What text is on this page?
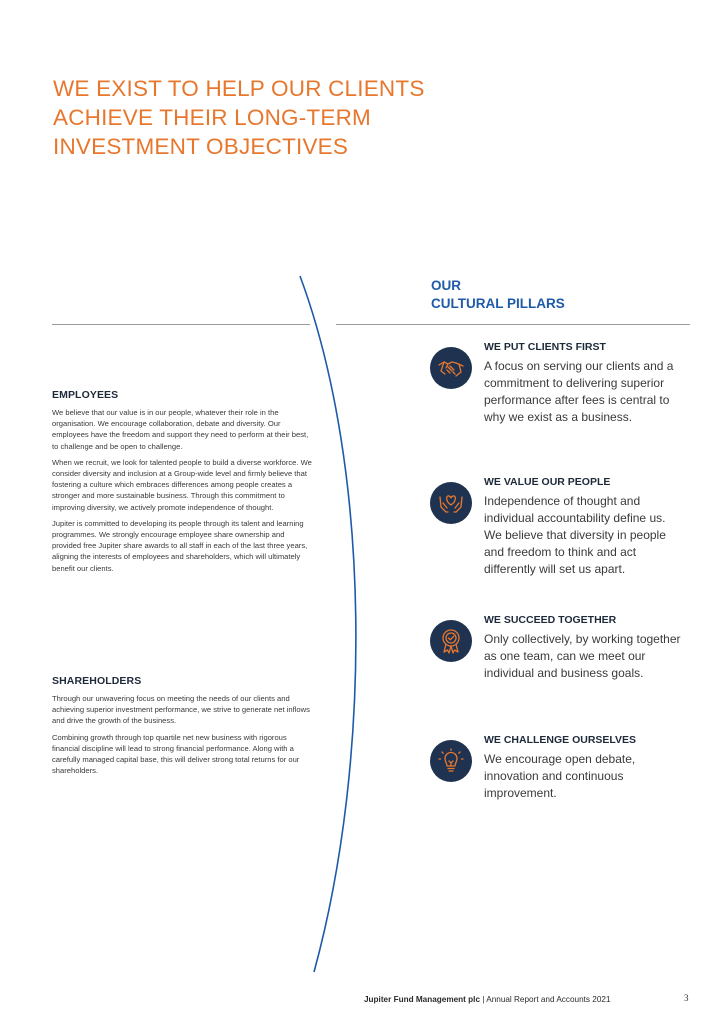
WE EXIST TO HELP OUR CLIENTS
ACHIEVE THEIR LONG-TERM
INVESTMENT OBJECTIVES
OUR
CULTURAL PILLARS
EMPLOYEES

We believe that our value is in our people, whatever their role in the organisation. We encourage collaboration, debate and diversity. Our employees have the freedom and support they need to perform at their best, to challenge and be open to challenge.

When we recruit, we look for talented people to build a diverse workforce. We consider diversity and inclusion at a Group-wide level and firmly believe that fostering a culture which embraces differences among people creates a stronger and more sustainable business. Through this commitment to improving diversity, we actively promote independence of thought.

Jupiter is committed to developing its people through its talent and learning programmes. We strongly encourage employee share ownership and provided free Jupiter share awards to all staff in each of the last three years, aligning the interests of employees and shareholders, which will ultimately benefit our clients.

SHAREHOLDERS

Through our unwavering focus on meeting the needs of our clients and achieving superior investment performance, we strive to generate net inflows and drive the growth of the business.

Combining growth through top quartile net new business with rigorous financial discipline will lead to strong financial performance. Along with a carefully managed capital base, this will deliver strong total returns for our shareholders.

WE PUT CLIENTS FIRST

A focus on serving our clients and a commitment to delivering superior performance after fees is central to why we exist as a business.

WE VALUE OUR PEOPLE

Independence of thought and individual accountability define us. We believe that diversity in people and freedom to think and act differently will set us apart.

WE SUCCEED TOGETHER

Only collectively, by working together as one team, can we meet our individual and business goals.

WE CHALLENGE OURSELVES

We encourage open debate, innovation and continuous improvement.

Jupiter Fund Management plc | Annual Report and Accounts 2021	3
